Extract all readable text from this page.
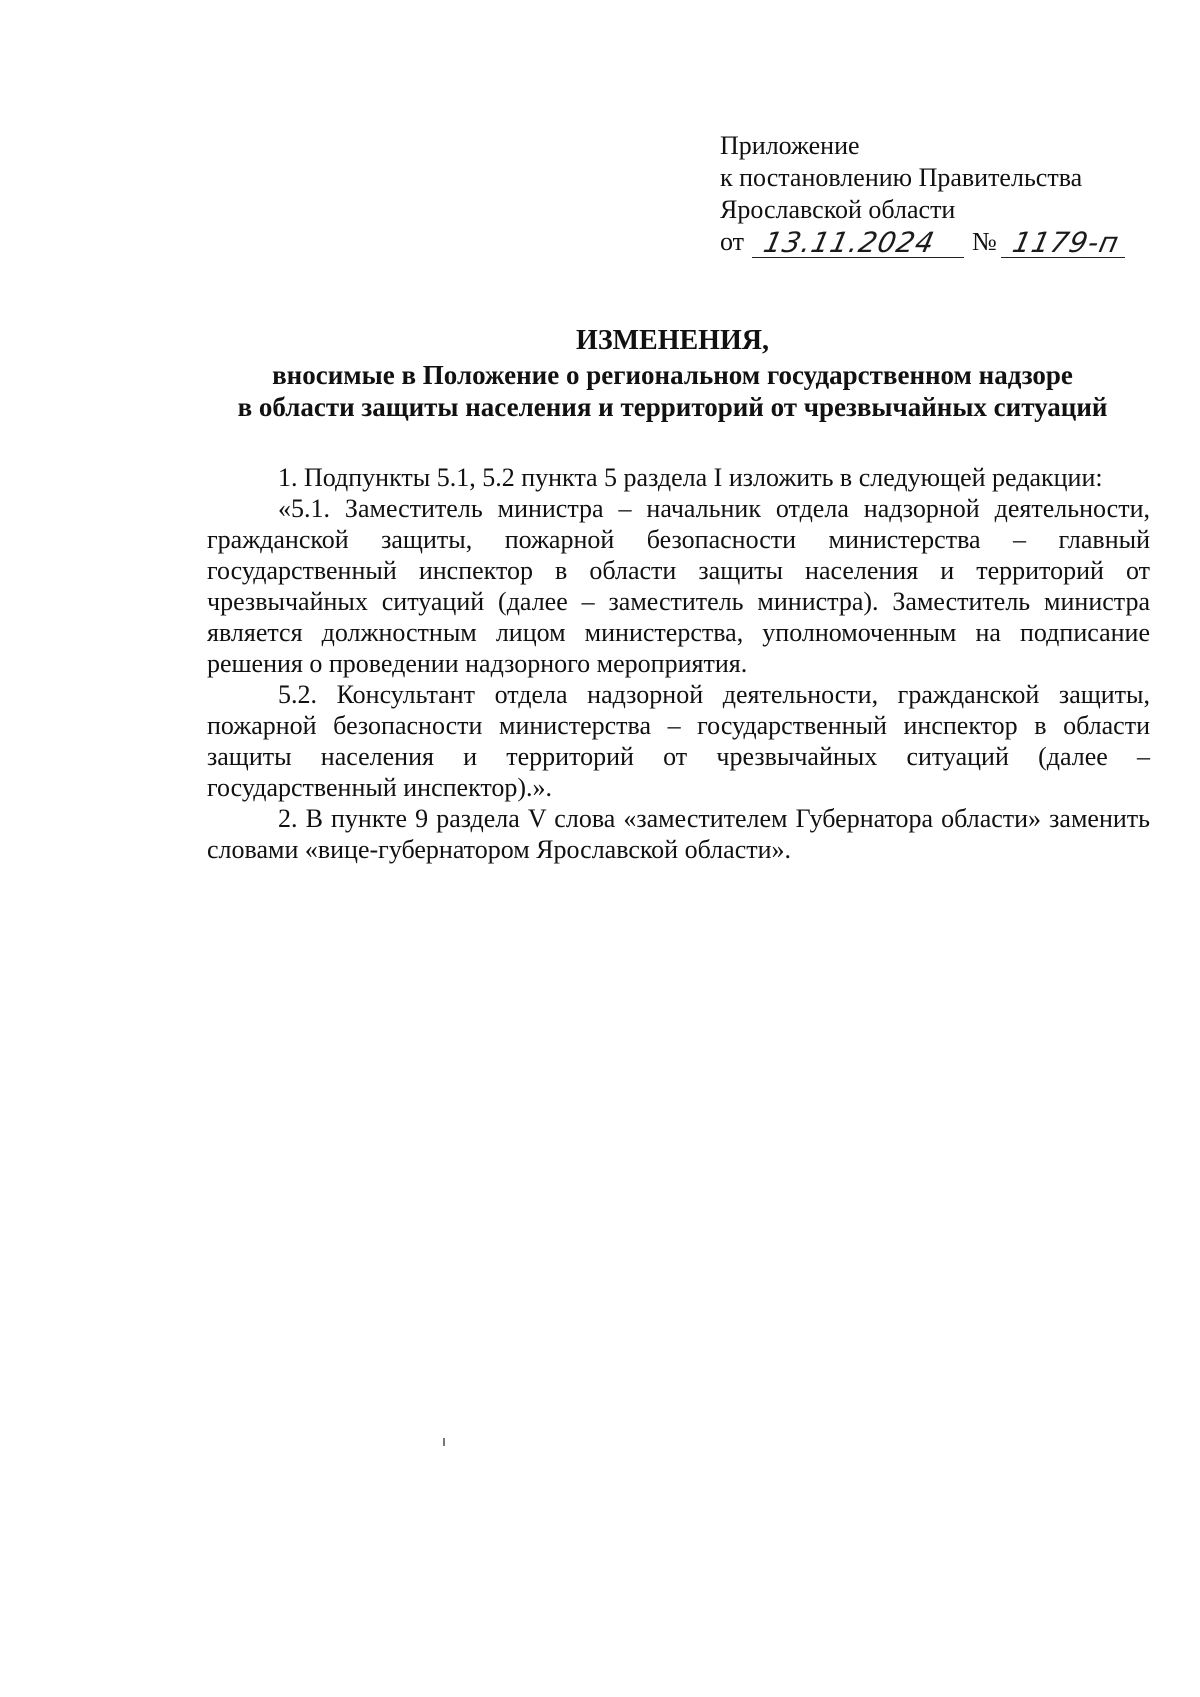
Приложение
к постановлению Правительства
Ярославской области
от 13.11.2024 № 1179-п
ИЗМЕНЕНИЯ,
вносимые в Положение о региональном государственном надзоре
в области защиты населения и территорий от чрезвычайных ситуаций

1. Подпункты 5.1, 5.2 пункта 5 раздела I изложить в следующей редакции:

«5.1. Заместитель министра – начальник отдела надзорной деятельности, гражданской защиты, пожарной безопасности министерства – главный государственный инспектор в области защиты населения и территорий от чрезвычайных ситуаций (далее – заместитель министра). Заместитель министра является должностным лицом министерства, уполномоченным на подписание решения о проведении надзорного мероприятия.

5.2. Консультант отдела надзорной деятельности, гражданской защиты, пожарной безопасности министерства – государственный инспектор в области защиты населения и территорий от чрезвычайных ситуаций (далее – государственный инспектор).».

2. В пункте 9 раздела V слова «заместителем Губернатора области» заменить словами «вице-губернатором Ярославской области».
